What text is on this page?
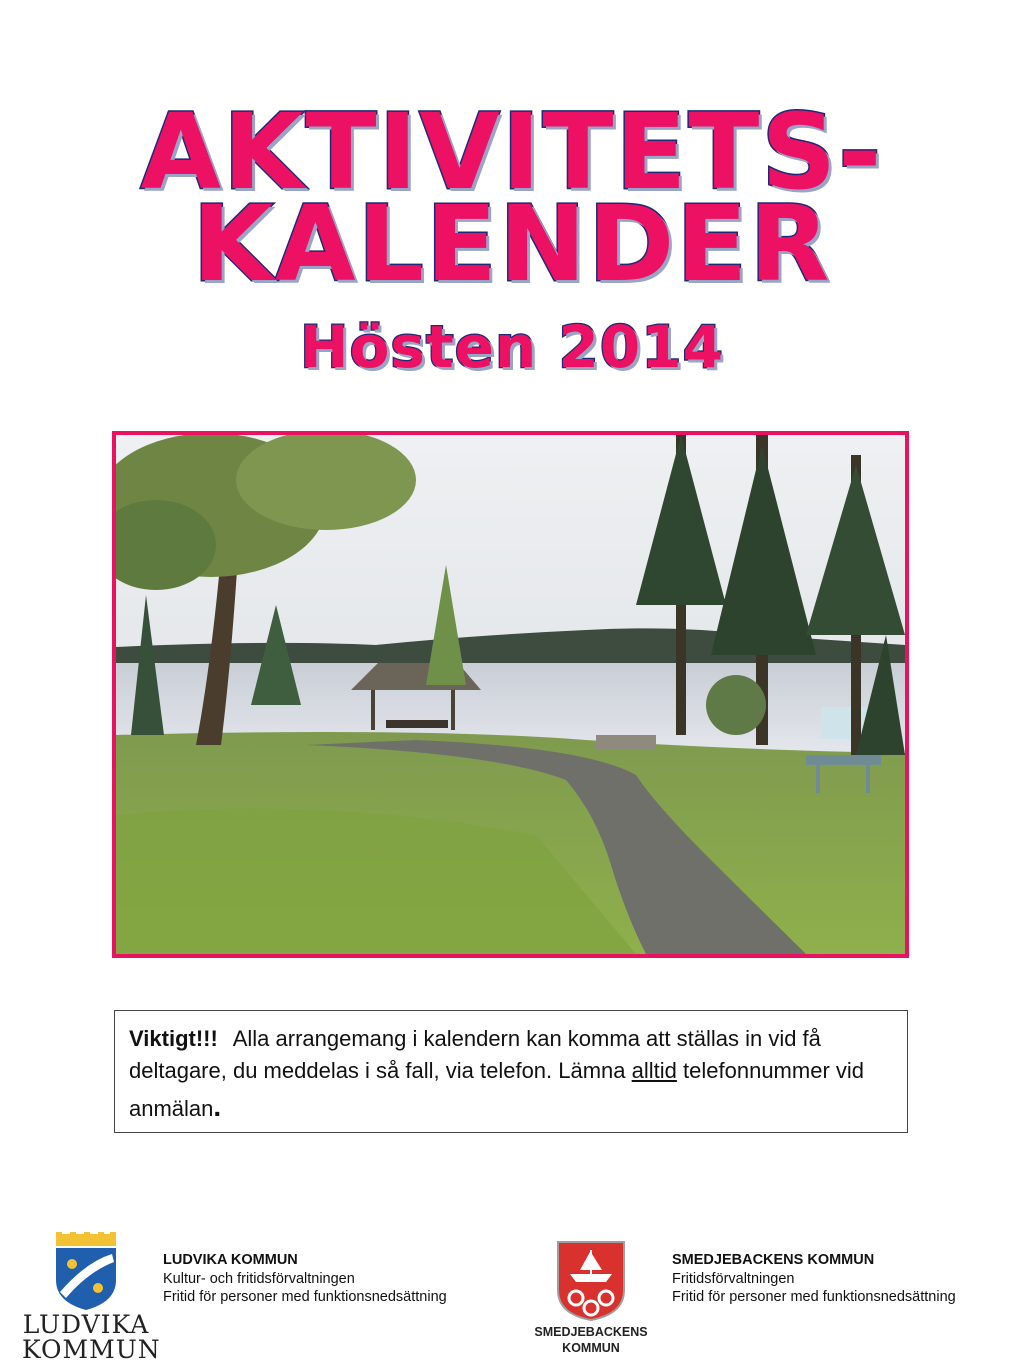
AKTIVITETS-
KALENDER
Hösten 2014
Viktigt!!! Alla arrangemang i kalendern kan komma att ställas in vid få deltagare, du meddelas i så fall, via telefon. Lämna alltid telefonnummer vid anmälan.
LUDVIKA
KOMMUN
LUDVIKA KOMMUN
Kultur- och fritidsförvaltningen
Fritid för personer med funktionsnedsättning
SMEDJEBACKENS
KOMMUN
SMEDJEBACKENS KOMMUN
Fritidsförvaltningen
Fritid för personer med funktionsnedsättning
